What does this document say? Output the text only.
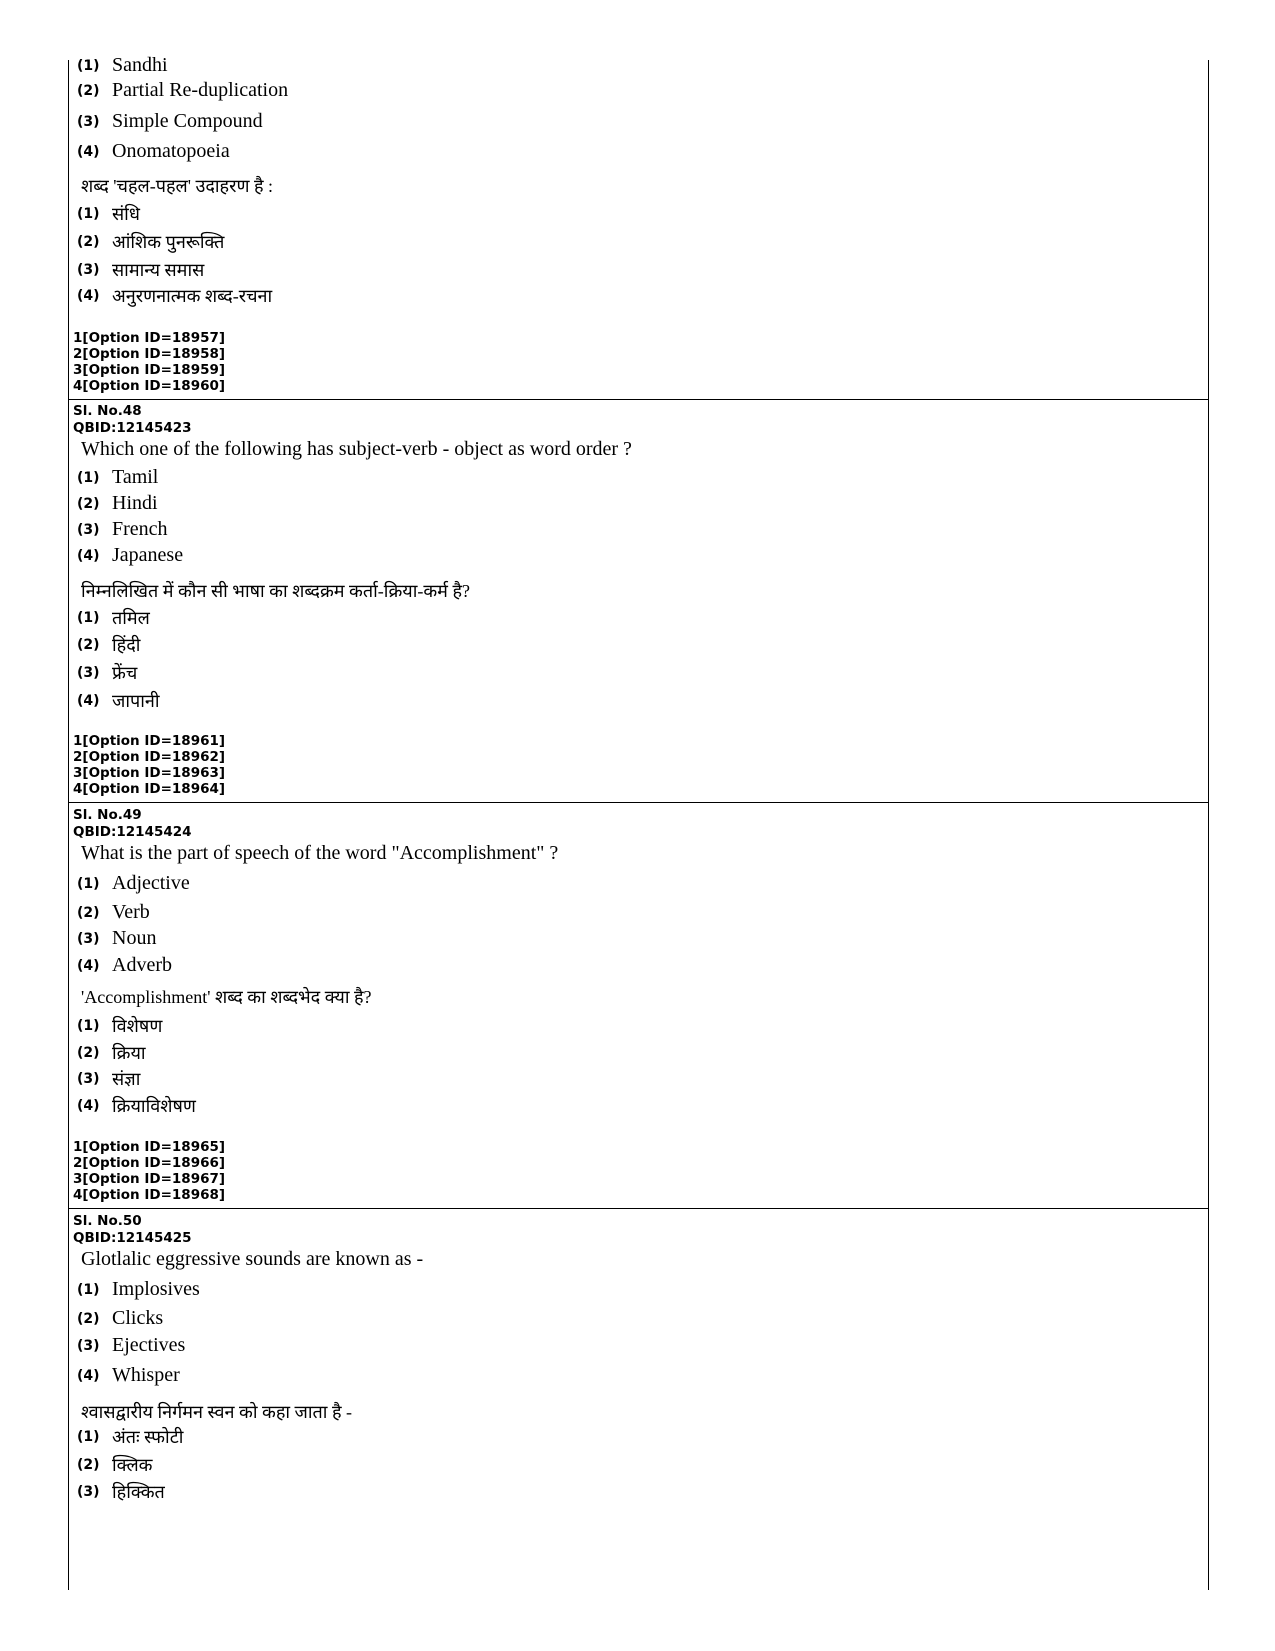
(1) Sandhi
(2) Partial Re-duplication
(3) Simple Compound
(4) Onomatopoeia
शब्द 'चहल-पहल' उदाहरण है :
(1) संधि
(2) आंशिक पुनरूक्ति
(3) सामान्य समास
(4) अनुरणनात्मक शब्द-रचना
1[Option ID=18957]
2[Option ID=18958]
3[Option ID=18959]
4[Option ID=18960]
Sl. No.48
QBID:12145423
Which one of the following has subject-verb - object as word order ?
(1) Tamil
(2) Hindi
(3) French
(4) Japanese
निम्नलिखित में कौन सी भाषा का शब्दक्रम कर्ता-क्रिया-कर्म है?
(1) तमिल
(2) हिंदी
(3) फ्रेंच
(4) जापानी
1[Option ID=18961]
2[Option ID=18962]
3[Option ID=18963]
4[Option ID=18964]
Sl. No.49
QBID:12145424
What is the part of speech of the word "Accomplishment" ?
(1) Adjective
(2) Verb
(3) Noun
(4) Adverb
'Accomplishment' शब्द का शब्दभेद क्या है?
(1) विशेषण
(2) क्रिया
(3) संज्ञा
(4) क्रियाविशेषण
1[Option ID=18965]
2[Option ID=18966]
3[Option ID=18967]
4[Option ID=18968]
Sl. No.50
QBID:12145425
Glotlalic eggressive sounds are known as -
(1) Implosives
(2) Clicks
(3) Ejectives
(4) Whisper
श्वासद्वारीय निर्गमन स्वन को कहा जाता है -
(1) अंतः स्फोटी
(2) क्लिक
(3) हिक्कित
